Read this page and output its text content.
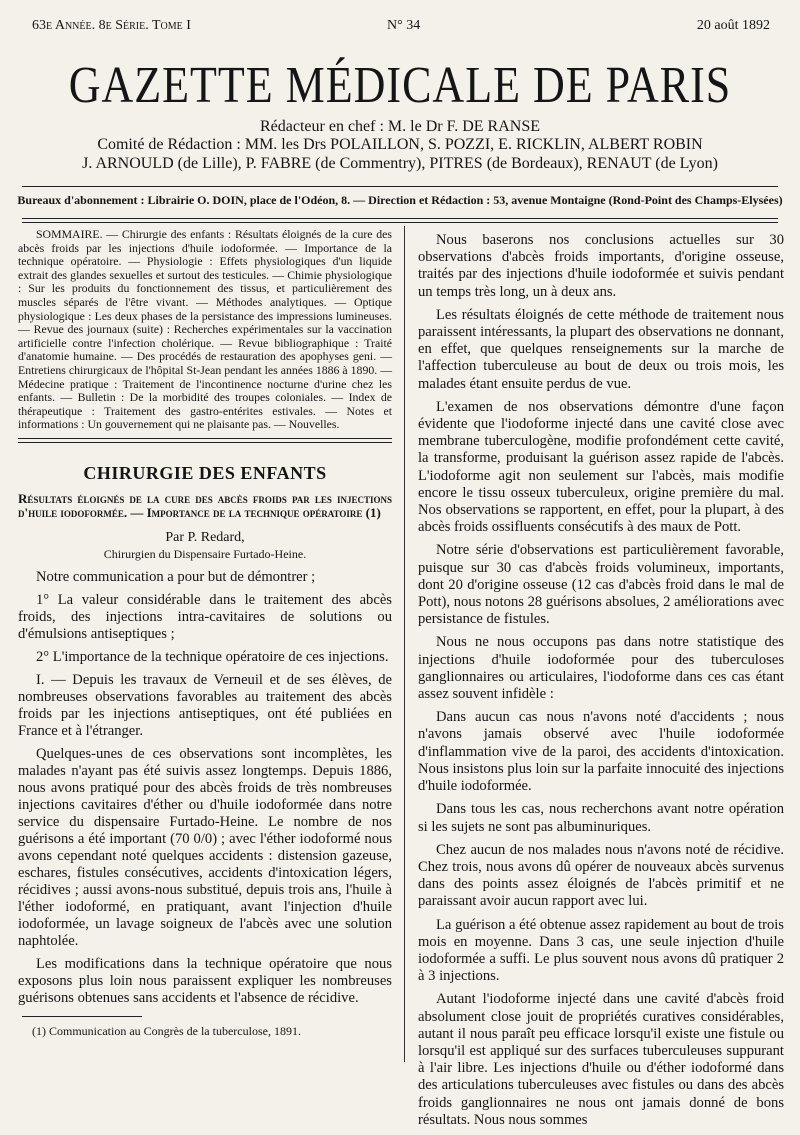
63e Année. 8e Série. Tome I	N° 34	20 août 1892
GAZETTE MÉDICALE DE PARIS
Rédacteur en chef : M. le Dr F. DE RANSE
Comité de Rédaction : MM. les Drs POLAILLON, S. POZZI, E. RICKLIN, ALBERT ROBIN
J. ARNOULD (de Lille), P. FABRE (de Commentry), PITRES (de Bordeaux), RENAUT (de Lyon)
Bureaux d'abonnement : Librairie O. DOIN, place de l'Odéon, 8. — Direction et Rédaction : 53, avenue Montaigne (Rond-Point des Champs-Elysées)

SOMMAIRE. — Chirurgie des enfants : Résultats éloignés de la cure des abcès froids par les injections d'huile iodoformée. — Importance de la technique opératoire. — Physiologie : Effets physiologiques d'un liquide extrait des glandes sexuelles et surtout des testicules. — Chimie physiologique : Sur les produits du fonctionnement des tissus, et particulièrement des muscles séparés de l'être vivant. — Méthodes analytiques. — Optique physiologique : Les deux phases de la persistance des impressions lumineuses. — Revue des journaux (suite) : Recherches expérimentales sur la vaccination artificielle contre l'infection cholérique. — Revue bibliographique : Traité d'anatomie humaine. — Des procédés de restauration des apophyses geni. — Entretiens chirurgicaux de l'hôpital St-Jean pendant les années 1886 à 1890. — Médecine pratique : Traitement de l'incontinence nocturne d'urine chez les enfants. — Bulletin : De la morbidité des troupes coloniales. — Index de thérapeutique : Traitement des gastro-entérites estivales. — Notes et informations : Un gouvernement qui ne plaisante pas. — Nouvelles.

CHIRURGIE DES ENFANTS

Résultats éloignés de la cure des abcès froids par les injections d'huile iodoformée. — Importance de la technique opératoire (1)

Par P. Redard,
Chirurgien du Dispensaire Furtado-Heine.

Notre communication a pour but de démontrer ;

1° La valeur considérable dans le traitement des abcès froids, des injections intra-cavitaires de solutions ou d'émulsions antiseptiques ;

2° L'importance de la technique opératoire de ces injections.

I. — Depuis les travaux de Verneuil et de ses élèves, de nombreuses observations favorables au traitement des abcès froids par les injections antiseptiques, ont été publiées en France et à l'étranger.

Quelques-unes de ces observations sont incomplètes, les malades n'ayant pas été suivis assez longtemps. Depuis 1886, nous avons pratiqué pour des abcès froids de très nombreuses injections cavitaires d'éther ou d'huile iodoformée dans notre service du dispensaire Furtado-Heine. Le nombre de nos guérisons a été important (70 0/0) ; avec l'éther iodoformé nous avons cependant noté quelques accidents : distension gazeuse, eschares, fistules consécutives, accidents d'intoxication légers, récidives ; aussi avons-nous substitué, depuis trois ans, l'huile à l'éther iodoformé, en pratiquant, avant l'injection d'huile iodoformée, un lavage soigneux de l'abcès avec une solution naphtolée.

Les modifications dans la technique opératoire que nous exposons plus loin nous paraissent expliquer les nombreuses guérisons obtenues sans accidents et l'absence de récidive.

(1) Communication au Congrès de la tuberculose, 1891.

Nous baserons nos conclusions actuelles sur 30 observations d'abcès froids importants, d'origine osseuse, traités par des injections d'huile iodoformée et suivis pendant un temps très long, un à deux ans.

Les résultats éloignés de cette méthode de traitement nous paraissent intéressants, la plupart des observations ne donnant, en effet, que quelques renseignements sur la marche de l'affection tuberculeuse au bout de deux ou trois mois, les malades étant ensuite perdus de vue.

L'examen de nos observations démontre d'une façon évidente que l'iodoforme injecté dans une cavité close avec membrane tuberculogène, modifie profondément cette cavité, la transforme, produisant la guérison assez rapide de l'abcès. L'iodoforme agit non seulement sur l'abcès, mais modifie encore le tissu osseux tuberculeux, origine première du mal. Nos observations se rapportent, en effet, pour la plupart, à des abcès froids ossifluents consécutifs à des maux de Pott.

Notre série d'observations est particulièrement favorable, puisque sur 30 cas d'abcès froids volumineux, importants, dont 20 d'origine osseuse (12 cas d'abcès froid dans le mal de Pott), nous notons 28 guérisons absolues, 2 améliorations avec persistance de fistules.

Nous ne nous occupons pas dans notre statistique des injections d'huile iodoformée pour des tuberculoses ganglionnaires ou articulaires, l'iodoforme dans ces cas étant assez souvent infidèle :

Dans aucun cas nous n'avons noté d'accidents ; nous n'avons jamais observé avec l'huile iodoformée d'inflammation vive de la paroi, des accidents d'intoxication. Nous insistons plus loin sur la parfaite innocuité des injections d'huile iodoformée.

Dans tous les cas, nous recherchons avant notre opération si les sujets ne sont pas albuminuriques.

Chez aucun de nos malades nous n'avons noté de récidive. Chez trois, nous avons dû opérer de nouveaux abcès survenus dans des points assez éloignés de l'abcès primitif et ne paraissant avoir aucun rapport avec lui.

La guérison a été obtenue assez rapidement au bout de trois mois en moyenne. Dans 3 cas, une seule injection d'huile iodoformée a suffi. Le plus souvent nous avons dû pratiquer 2 à 3 injections.

Autant l'iodoforme injecté dans une cavité d'abcès froid absolument close jouit de propriétés curatives considérables, autant il nous paraît peu efficace lorsqu'il existe une fistule ou lorsqu'il est appliqué sur des surfaces tuberculeuses suppurant à l'air libre. Les injections d'huile ou d'éther iodoformé dans des articulations tuberculeuses avec fistules ou dans des abcès froids ganglionnaires ne nous ont jamais donné de bons résultats. Nous nous sommes
